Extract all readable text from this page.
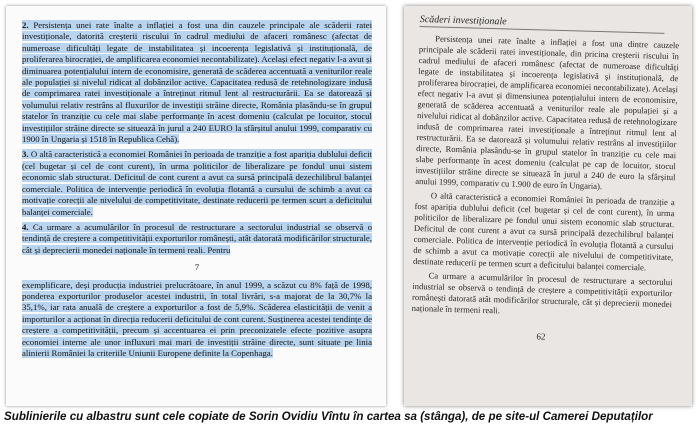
2. Persistența unei rate înalte a inflației a fost una din cauzele principale ale scăderii ratei investiționale, datorită creșterii riscului în cadrul mediului de afaceri românesc (afectat de numeroase dificultăți legate de instabilitatea și incoerența legislativă și instituțională, de proliferarea birocrației, de amplificarea economiei necontabilizate). Același efect negativ l-a avut și diminuarea potențialului intern de economisire, generată de scăderea accentuată a veniturilor reale ale populației și nivelul ridicat al dobânzilor active. Capacitatea redusă de retehnologizare indusă de comprimarea ratei investiționale a întreținut ritmul lent al restructurării. Ea se datorează și volumului relativ restrâns al fluxurilor de investiții străine directe, România plasându-se în grupul statelor în tranziție cu cele mai slabe performanțe în acest domeniu (calculat pe locuitor, stocul investițiilor străine directe se situează în jurul a 240 EURO la sfârșitul anului 1999, comparativ cu 1900 în Ungaria și 1518 în Republica Cehă).

3. O altă caracteristică a economiei României în perioada de tranziție a fost apariția dublului deficit (cel bugetar și cel de cont curent), în urma politicilor de liberalizare pe fondul unui sistem economic slab structurat. Deficitul de cont curent a avut ca sursă principală dezechilibrul balanței comerciale. Politica de intervenție periodică în evoluția flotantă a cursului de schimb a avut ca motivație corecții ale nivelului de competitivitate, destinate reducerii pe termen scurt a deficitului balanței comerciale.

4. Ca urmare a acumulărilor în procesul de restructurare a sectorului industrial se observă o tendință de creștere a competitivității exporturilor românești, atât datorată modificărilor structurale, cât și deprecierii monedei naționale în termeni reali. Pentru

7

exemplificare, deși producția industriei prelucrătoare, în anul 1999, a scăzut cu 8% față de 1998, ponderea exporturilor produselor acestei industrii, în total livrări, s-a majorat de la 30,7% la 35,1%, iar rata anuală de creștere a exporturilor a fost de 5,9%. Scăderea elasticității de venit a importurilor a acționat în direcția reducerii deficitului de cont curent. Susținerea acestei tendințe de creștere a competitivității, precum și accentuarea ei prin preconizatele efecte pozitive asupra economiei interne ale unor influxuri mai mari de investiții străine directe, sunt situate pe linia alinierii României la criteriile Uniunii Europene definite la Copenhaga.

Scăderi investiționale

Persistența unei rate înalte a inflației a fost una dintre cauzele principale ale scăderii ratei investiționale, din pricina creșterii riscului în cadrul mediului de afaceri românesc (afectat de numeroase dificultăți legate de instabilitatea și incoerența legislativă și instituțională, de proliferarea birocrației, de amplificarea economiei necontabilizate). Același efect negativ l-a avut și dimensiunea potențialului intern de economisire, generată de scăderea accentuată a veniturilor reale ale populației și a nivelului ridicat al dobânzilor active. Capacitatea redusă de retehnologizare indusă de comprimarea ratei investiționale a întreținut ritmul lent al restructurării. Ea se datorează și volumului relativ restrâns al investițiilor directe, România plasându-se în grupul statelor în tranziție cu cele mai slabe performanțe în acest domeniu (calculat pe cap de locuitor, stocul investițiilor străine directe se situează în jurul a 240 de euro la sfârșitul anului 1999, comparativ cu 1.900 de euro în Ungaria).

O altă caracteristică a economiei României în perioada de tranziție a fost apariția dublului deficit (cel bugetar și cel de cont curent), în urma politicilor de liberalizare pe fondul unui sistem economic slab structurat. Deficitul de cont curent a avut ca sursă principală dezechilibrul balanței comerciale. Politica de intervenție periodică în evoluția flotantă a cursului de schimb a avut ca motivație corecții ale nivelului de competitivitate, destinate reducerii pe termen scurt a deficitului balanței comerciale.

Ca urmare a acumulărilor în procesul de restructurare a sectorului industrial se observă o tendință de creștere a competitivității exporturilor românești datorată atât modificărilor structurale, cât și deprecierii monedei naționale în termeni reali.

62

Sublinierile cu albastru sunt cele copiate de Sorin Ovidiu Vîntu în cartea sa (stânga), de pe site-ul Camerei Deputaților
